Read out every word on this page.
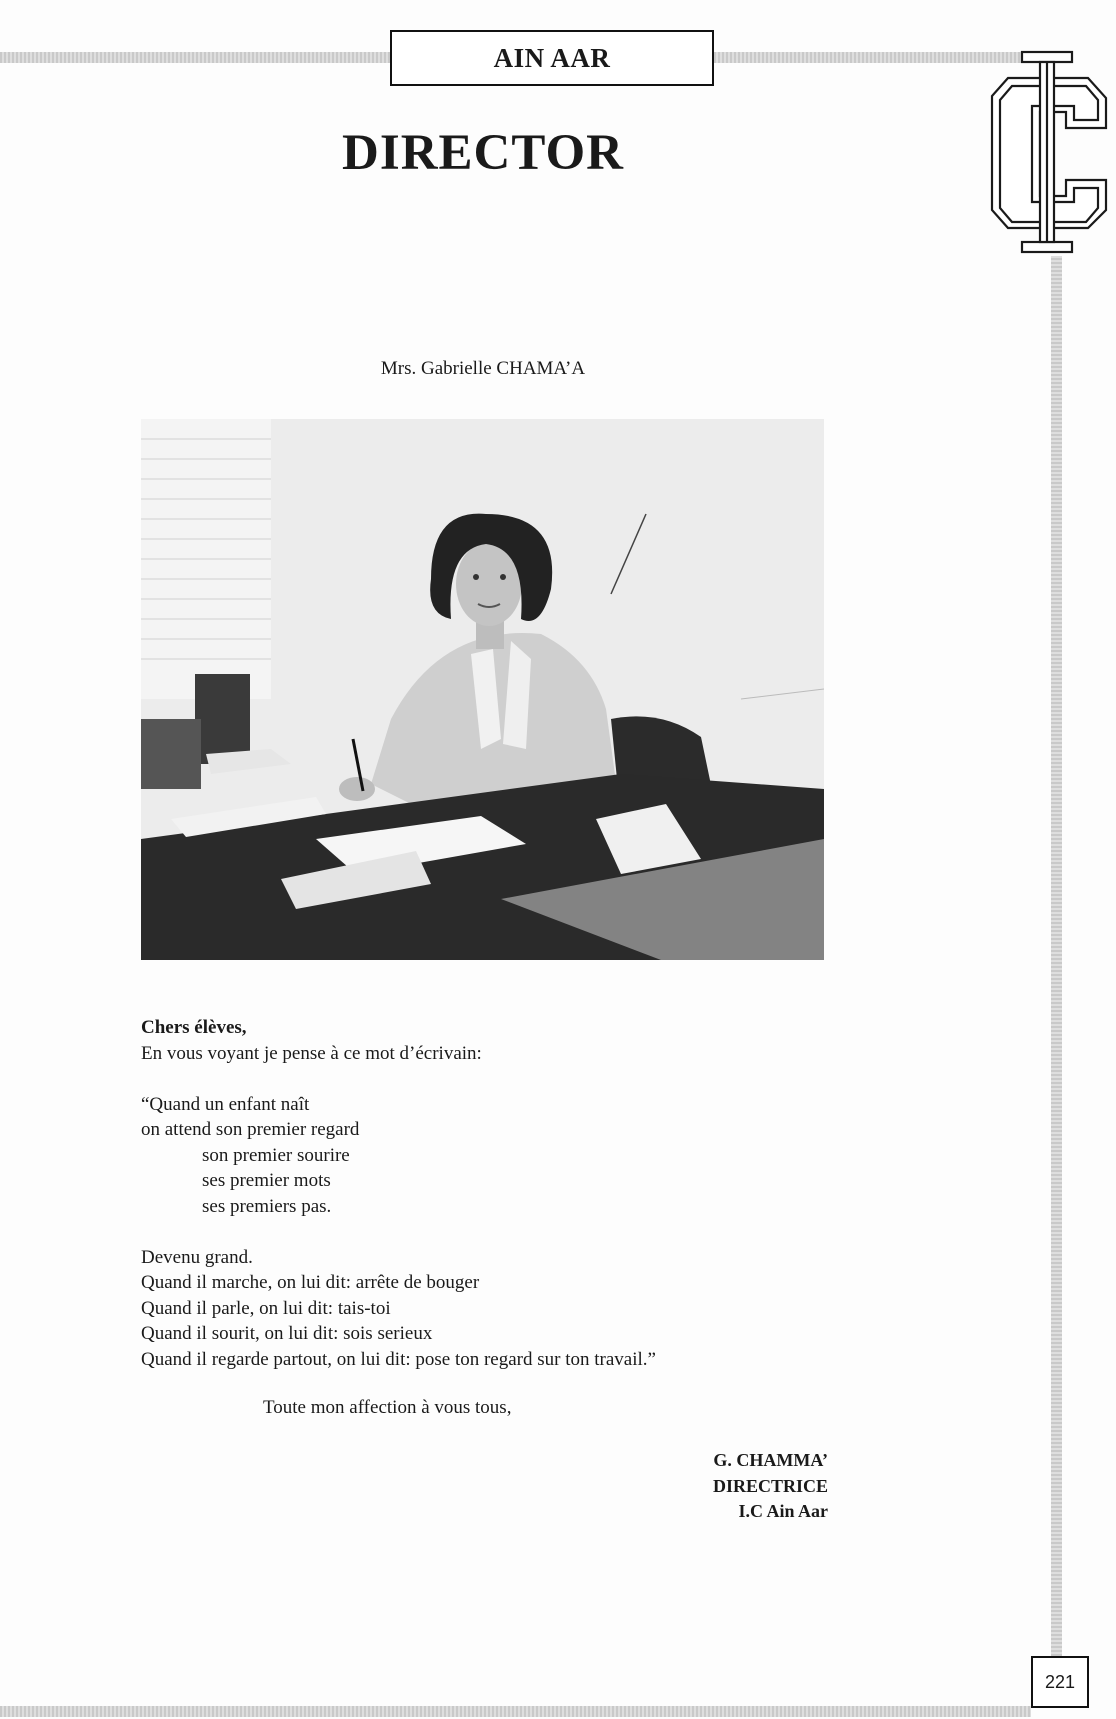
AIN AAR
DIRECTOR
Mrs. Gabrielle CHAMA’A
Chers élèves,
En vous voyant je pense à ce mot d’écrivain:
“Quand un enfant naît
on attend son premier regard
son premier sourire
ses premier mots
ses premiers pas.
Devenu grand.
Quand il marche, on lui dit: arrête de bouger
Quand il parle, on lui dit: tais-toi
Quand il sourit, on lui dit: sois serieux
Quand il regarde partout, on lui dit: pose ton regard sur ton travail.”
Toute mon affection à vous tous,
G. CHAMMA’
DIRECTRICE
I.C Ain Aar
221
